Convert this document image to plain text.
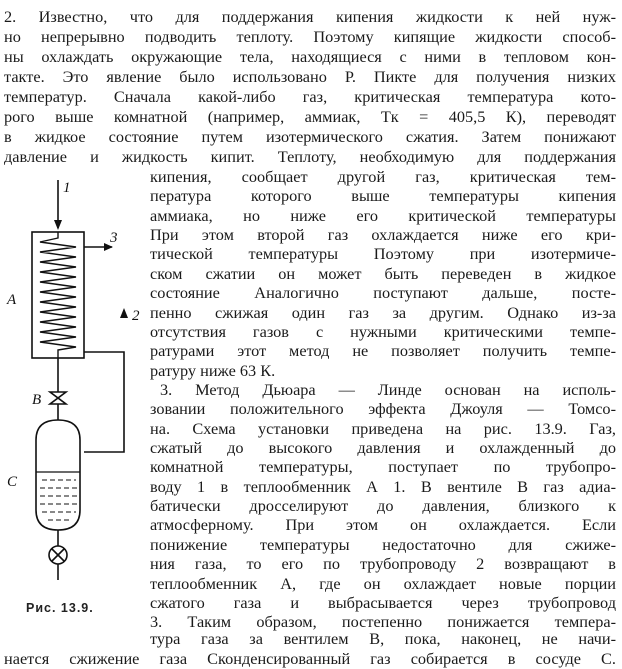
2. Известно, что для поддержания кипения жидкости к ней нуж-
но непрерывно подводить теплоту. Поэтому кипящие жидкости способ-
ны охлаждать окружающие тела, находящиеся с ними в тепловом кон-
такте. Это явление было использовано Р. Пикте для получения низких
температур. Сначала какой-либо газ, критическая температура кото-
рого выше комнатной (например, аммиак, Tк = 405,5 К), переводят
в жидкое состояние путем изотермического сжатия. Затем понижают
давление и жидкость кипит. Теплоту, необходимую для поддержания
кипения, сообщает другой газ, критическая тем-
пература которого выше температуры кипения
аммиака, но ниже его критической температуры
При этом второй газ охлаждается ниже его кри-
тической температуры Поэтому при изотермиче-
ском сжатии он может быть переведен в жидкое
состояние Аналогично поступают дальше, посте-
пенно сжижая один газ за другим. Однако из-за
отсутствия газов с нужными критическими темпе-
ратурами этот метод не позволяет получить темпе-
ратуру ниже 63 К.
3. Метод Дьюара — Линде основан на исполь-
зовании положительного эффекта Джоуля — Томсо-
на. Схема установки приведена на рис. 13.9. Газ,
сжатый до высокого давления и охлажденный до
комнатной температуры, поступает по трубопро-
воду 1 в теплообменник А 1. В вентиле В газ адиа-
батически дросселируют до давления, близкого к
атмосферному. При этом он охлаждается. Если
понижение температуры недостаточно для сжиже-
ния газа, то его по трубопроводу 2 возвращают в
теплообменник А, где он охлаждает новые порции
сжатого газа и выбрасывается через трубопровод
3. Таким образом, постепенно понижается темпера-
тура газа за вентилем В, пока, наконец, не начи-
Рис. 13.9.
1
3
A
2
B
C
нается сжижение газа Сконденсированный газ собирается в сосуде С.
